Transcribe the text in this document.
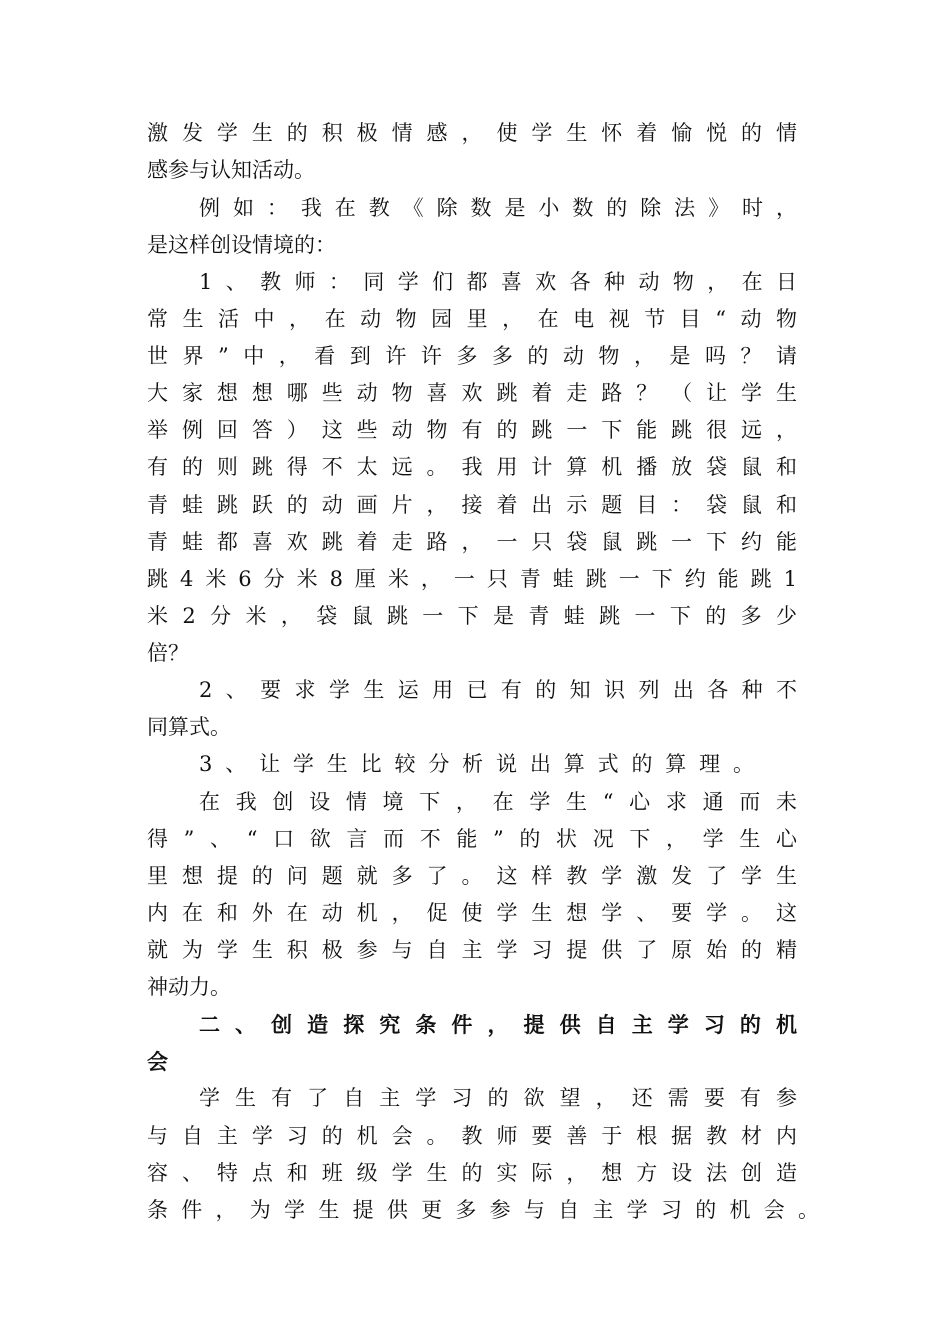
激发学生的积极情感，使学生怀着愉悦的情
感参与认知活动。
例如：我在教《除数是小数的除法》时，
是这样创设情境的：
1、教师：同学们都喜欢各种动物，在日
常生活中，在动物园里，在电视节目“动物
世界”中，看到许许多多的动物，是吗？请
大家想想哪些动物喜欢跳着走路？（让学生
举例回答）这些动物有的跳一下能跳很远，
有的则跳得不太远。我用计算机播放袋鼠和
青蛙跳跃的动画片，接着出示题目：袋鼠和
青蛙都喜欢跳着走路，一只袋鼠跳一下约能
跳4米6分米8厘米，一只青蛙跳一下约能跳1
米2分米，袋鼠跳一下是青蛙跳一下的多少
倍？
2、要求学生运用已有的知识列出各种不
同算式。
3、让学生比较分析说出算式的算理。
在我创设情境下，在学生“心求通而未
得”、“口欲言而不能”的状况下，学生心
里想提的问题就多了。这样教学激发了学生
内在和外在动机，促使学生想学、要学。这
就为学生积极参与自主学习提供了原始的精
神动力。
二、创造探究条件，提供自主学习的机
会
学生有了自主学习的欲望，还需要有参
与自主学习的机会。教师要善于根据教材内
容、特点和班级学生的实际，想方设法创造
条件，为学生提供更多参与自主学习的机会。
